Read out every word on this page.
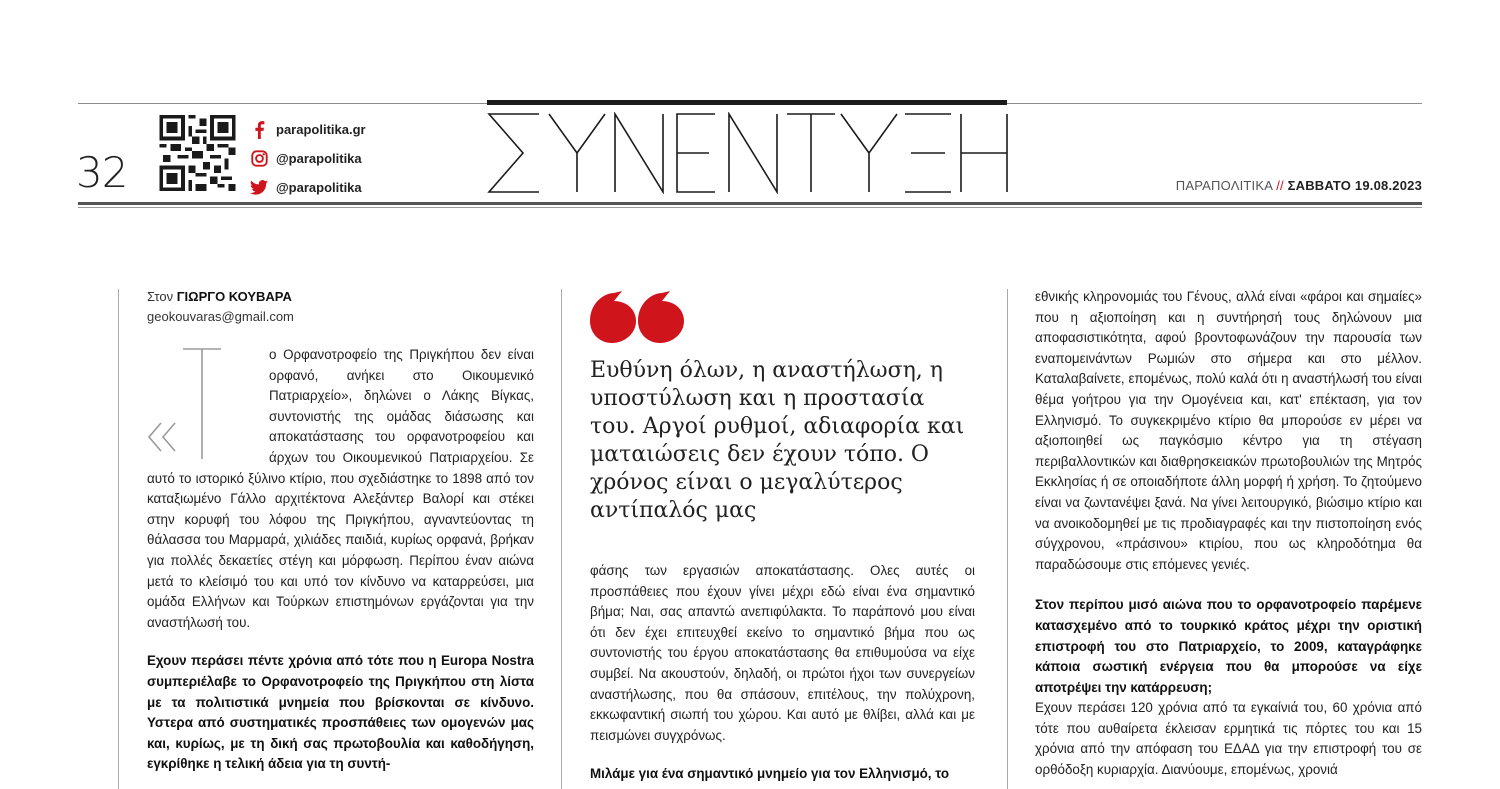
32
parapolitika.gr
@parapolitika
@parapolitika	ΠΑΡΑΠΟΛΙΤΙΚΑ // ΣΑΒΒΑΤΟ 19.08.2023
Στον ΓΙΩΡΓΟ ΚΟΥΒΑΡΑ
geokouvaras@gmail.com

ο Ορφανοτροφείο της Πριγκήπου δεν είναι ορφανό, ανήκει στο Οικουμενικό Πατριαρχείο», δηλώνει ο Λάκης Βίγκας, συντονιστής της ομάδας διάσωσης και αποκατάστασης του ορφανοτροφείου και άρχων του Οικουμενικού Πατριαρχείου. Σε αυτό το ιστορικό ξύλινο κτίριο, που σχεδιάστηκε το 1898 από τον καταξιωμένο Γάλλο αρχιτέκτονα Αλεξάντερ Βαλορί και στέκει στην κορυφή του λόφου της Πριγκήπου, αγναντεύοντας τη θάλασσα του Μαρμαρά, χιλιάδες παιδιά, κυρίως ορφανά, βρήκαν για πολλές δεκαετίες στέγη και μόρφωση. Περίπου έναν αιώνα μετά το κλείσιμό του και υπό τον κίνδυνο να καταρρεύσει, μια ομάδα Ελλήνων και Τούρκων επιστημόνων εργάζονται για την αναστήλωσή του.

Εχουν περάσει πέντε χρόνια από τότε που η Europa Nostra συμπεριέλαβε το Ορφανοτροφείο της Πριγκήπου στη λίστα με τα πολιτιστικά μνημεία που βρίσκονται σε κίνδυνο. Υστερα από συστηματικές προσπάθειες των ομογενών μας και, κυρίως, με τη δική σας πρωτοβουλία και καθοδήγηση, εγκρίθηκε η τελική άδεια για τη συντή-

Ευθύνη όλων, η αναστήλωση, η υποστύλωση και η προστασία του. Αργοί ρυθμοί, αδιαφορία και ματαιώσεις δεν έχουν τόπο. Ο χρόνος είναι ο μεγαλύτερος αντίπαλός μας

φάσης των εργασιών αποκατάστασης. Ολες αυτές οι προσπάθειες που έχουν γίνει μέχρι εδώ είναι ένα σημαντικό βήμα; Ναι, σας απαντώ ανεπιφύλακτα. Το παράπονό μου είναι ότι δεν έχει επιτευχθεί εκείνο το σημαντικό βήμα που ως συντονιστής του έργου αποκατάστασης θα επιθυμούσα να είχε συμβεί. Να ακουστούν, δηλαδή, οι πρώτοι ήχοι των συνεργείων αναστήλωσης, που θα σπάσουν, επιτέλους, την πολύχρονη, εκκωφαντική σιωπή του χώρου. Και αυτό με θλίβει, αλλά και με πεισμώνει συγχρόνως.

Μιλάμε για ένα σημαντικό μνημείο για τον Ελληνισμό, το

εθνικής κληρονομιάς του Γένους, αλλά είναι «φάροι και σημαίες» που η αξιοποίηση και η συντήρησή τους δηλώνουν μια αποφασιστικότητα, αφού βροντοφωνάζουν την παρουσία των εναπομεινάντων Ρωμιών στο σήμερα και στο μέλλον. Καταλαβαίνετε, επομένως, πολύ καλά ότι η αναστήλωσή του είναι θέμα γοήτρου για την Ομογένεια και, κατ' επέκταση, για τον Ελληνισμό. Το συγκεκριμένο κτίριο θα μπορούσε εν μέρει να αξιοποιηθεί ως παγκόσμιο κέντρο για τη στέγαση περιβαλλοντικών και διαθρησκειακών πρωτοβουλιών της Μητρός Εκκλησίας ή σε οποιαδήποτε άλλη μορφή ή χρήση. Το ζητούμενο είναι να ζωντανέψει ξανά. Να γίνει λειτουργικό, βιώσιμο κτίριο και να ανοικοδομηθεί με τις προδιαγραφές και την πιστοποίηση ενός σύγχρονου, «πράσινου» κτιρίου, που ως κληροδότημα θα παραδώσουμε στις επόμενες γενιές.

Στον περίπου μισό αιώνα που το ορφανοτροφείο παρέμενε κατασχεμένο από το τουρκικό κράτος μέχρι την οριστική επιστροφή του στο Πατριαρχείο, το 2009, καταγράφηκε κάποια σωστική ενέργεια που θα μπορούσε να είχε αποτρέψει την κατάρρευση;

Εχουν περάσει 120 χρόνια από τα εγκαίνιά του, 60 χρόνια από τότε που αυθαίρετα έκλεισαν ερμητικά τις πόρτες του και 15 χρόνια από την απόφαση του ΕΔΑΔ για την επιστροφή του σε ορθόδοξη κυριαρχία. Διανύουμε, επομένως, χρονιά
